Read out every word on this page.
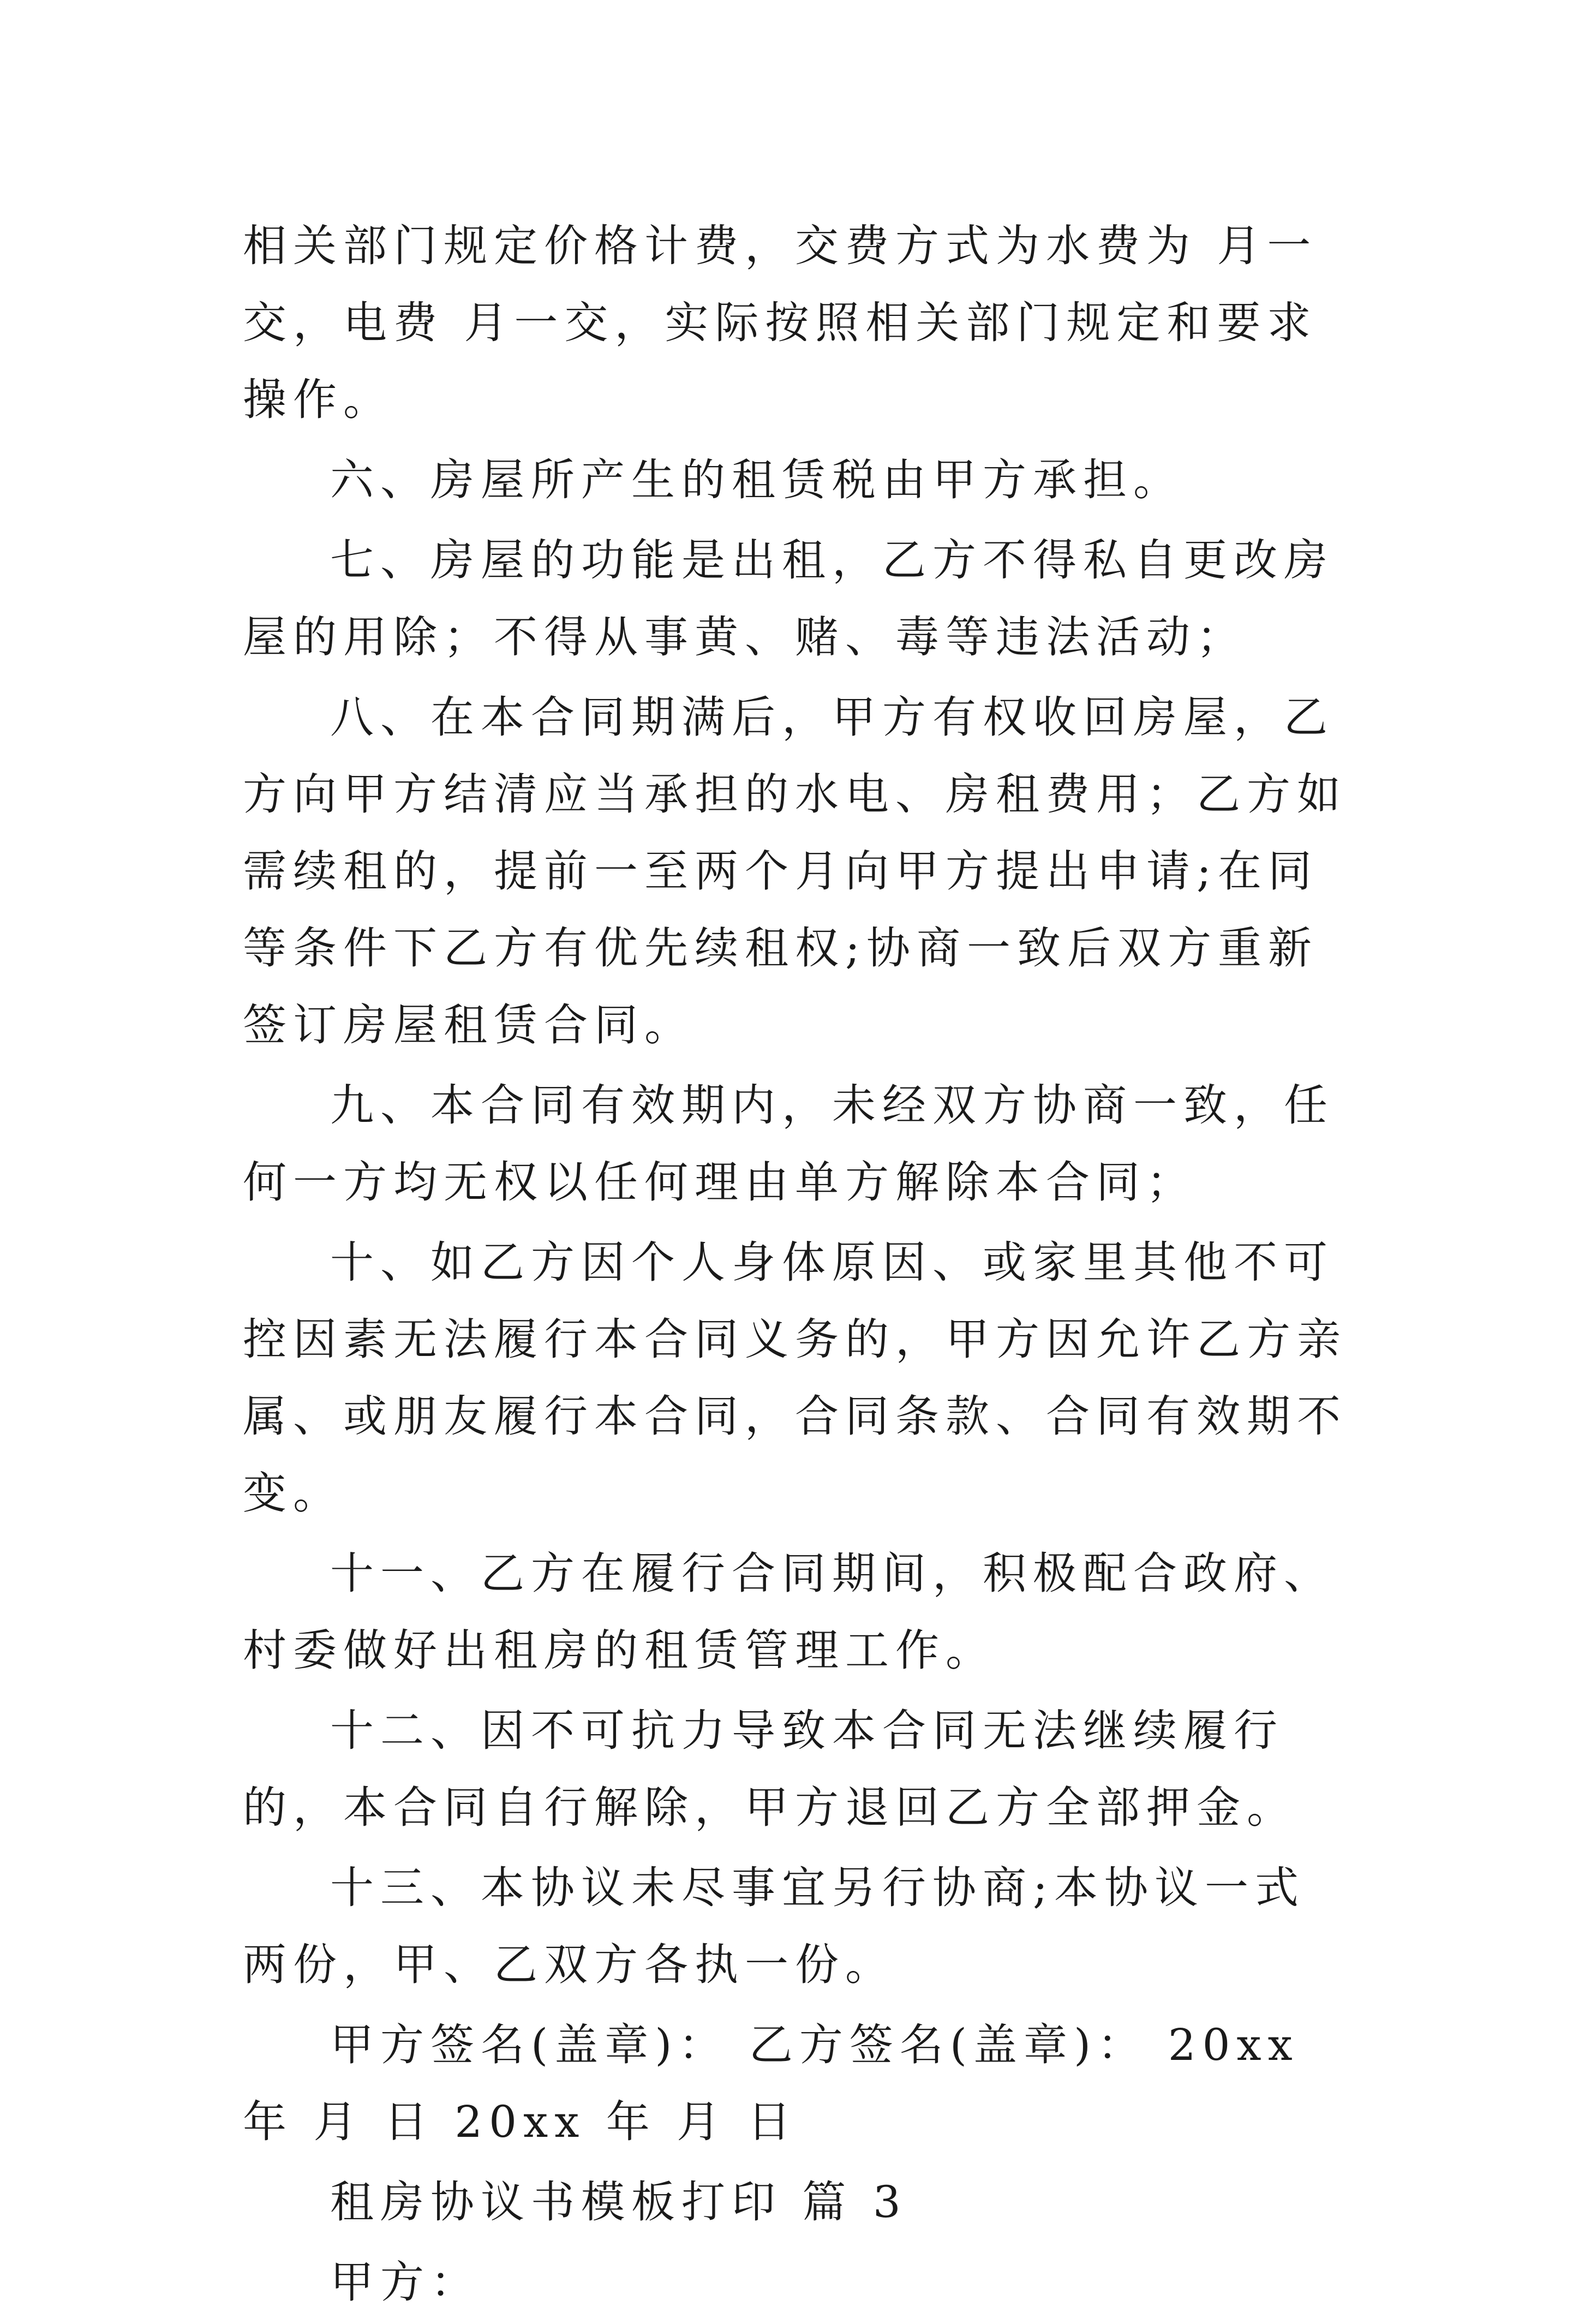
相关部门规定价格计费，交费方式为水费为 月一交，电费 月一交，实际按照相关部门规定和要求操作。

六、房屋所产生的租赁税由甲方承担。

七、房屋的功能是出租，乙方不得私自更改房屋的用除；不得从事黄、赌、毒等违法活动；

八、在本合同期满后，甲方有权收回房屋，乙方向甲方结清应当承担的水电、房租费用；乙方如需续租的，提前一至两个月向甲方提出申请;在同等条件下乙方有优先续租权;协商一致后双方重新签订房屋租赁合同。

九、本合同有效期内，未经双方协商一致，任何一方均无权以任何理由单方解除本合同；

十、如乙方因个人身体原因、或家里其他不可控因素无法履行本合同义务的，甲方因允许乙方亲属、或朋友履行本合同，合同条款、合同有效期不变。

十一、乙方在履行合同期间，积极配合政府、村委做好出租房的租赁管理工作。

十二、因不可抗力导致本合同无法继续履行的，本合同自行解除，甲方退回乙方全部押金。

十三、本协议未尽事宜另行协商;本协议一式两份，甲、乙双方各执一份。

甲方签名(盖章)： 乙方签名(盖章)： 20xx 年 月 日 20xx 年 月 日

租房协议书模板打印 篇 3

甲方：
